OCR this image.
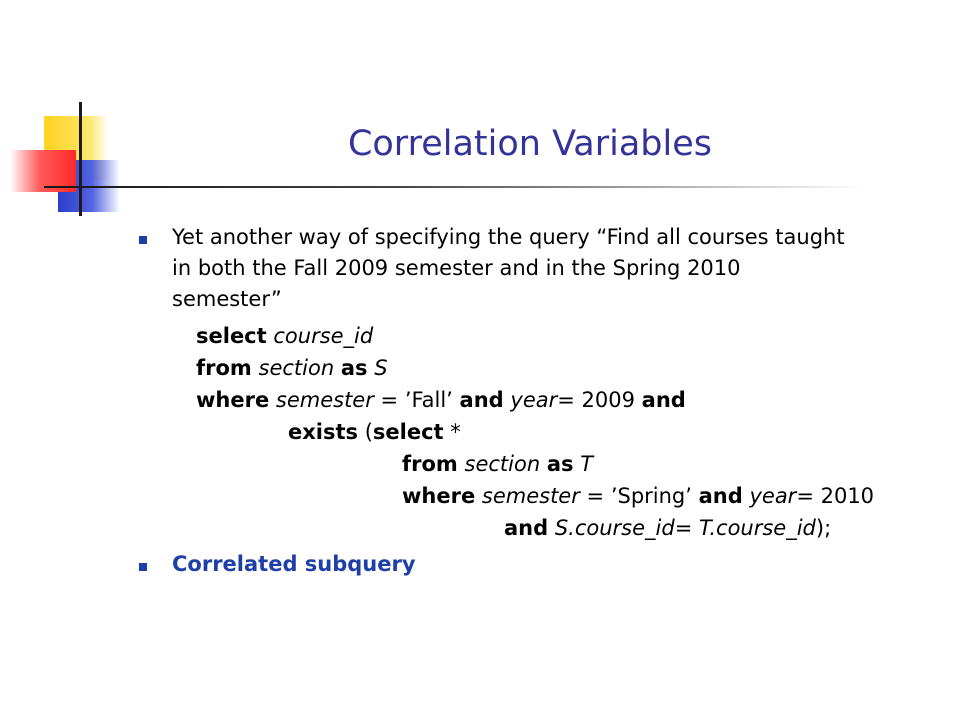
Correlation Variables
Yet another way of specifying the query “Find all courses taught
in both the Fall 2009 semester and in the Spring 2010
semester”
select course_id
from section as S
where semester = ’Fall’ and year= 2009 and
exists (select *
from section as T
where semester = ’Spring’ and year= 2010
and S.course_id= T.course_id);
Correlated subquery
